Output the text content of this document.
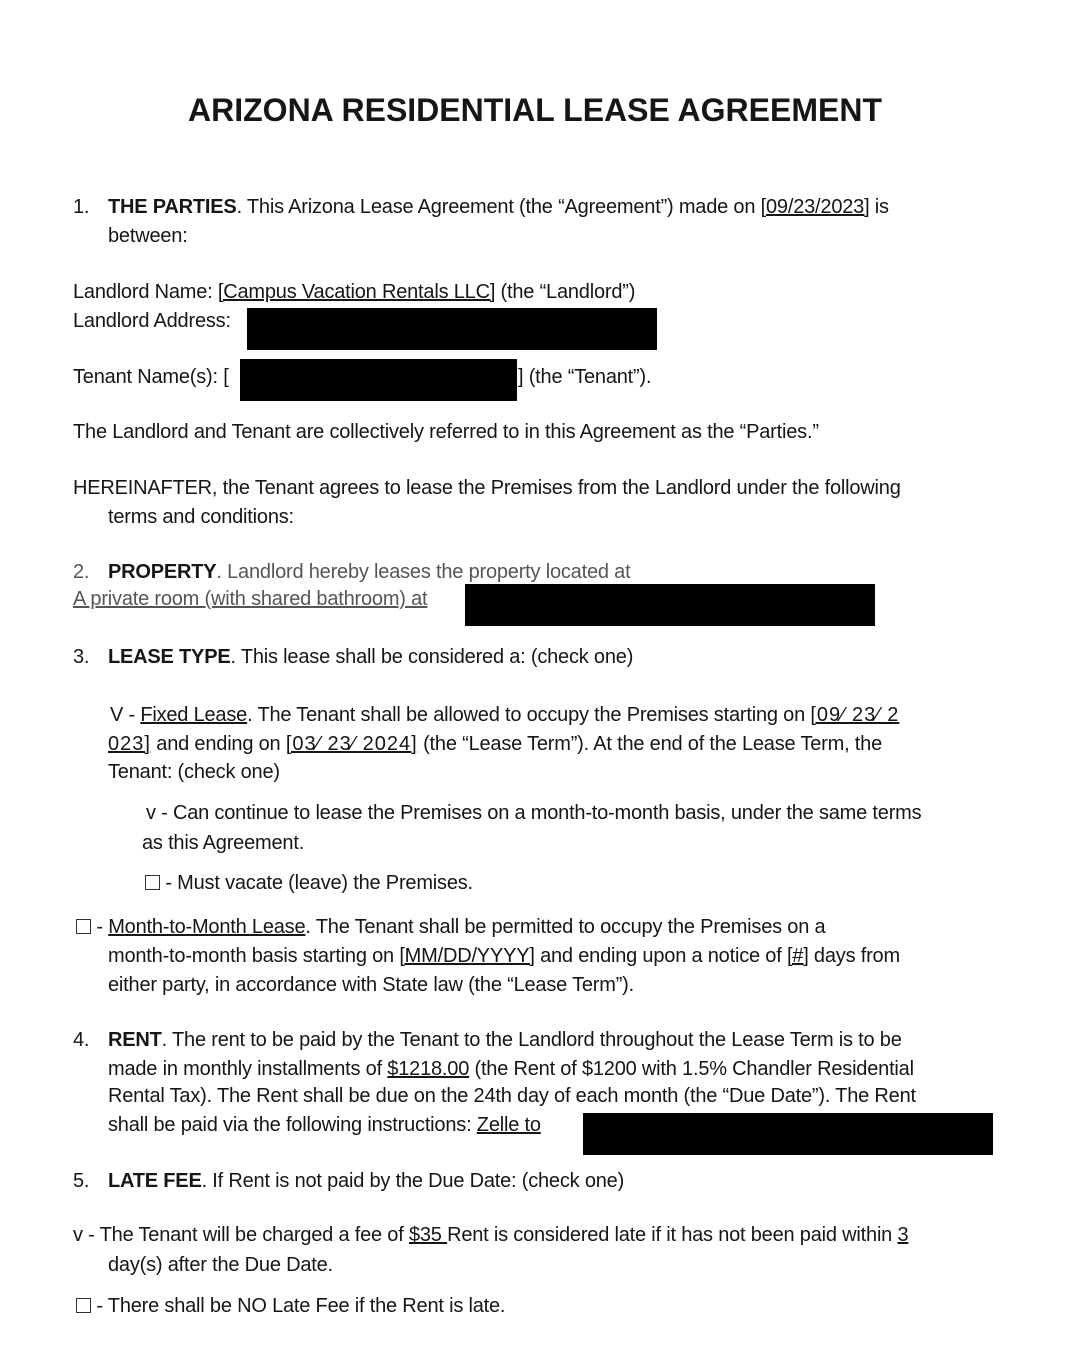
ARIZONA RESIDENTIAL LEASE AGREEMENT
1. THE PARTIES. This Arizona Lease Agreement (the “Agreement”) made on [09/23/2023] is
between:
Landlord Name: [Campus Vacation Rentals LLC] (the “Landlord”)
Landlord Address:
Tenant Name(s): [	] (the “Tenant”).
The Landlord and Tenant are collectively referred to in this Agreement as the “Parties.”
HEREINAFTER, the Tenant agrees to lease the Premises from the Landlord under the following
terms and conditions:
2. PROPERTY. Landlord hereby leases the property located at
A private room (with shared bathroom) at
3. LEASE TYPE. This lease shall be considered a: (check one)
V - Fixed Lease. The Tenant shall be allowed to occupy the Premises starting on [09⁄ 23⁄ 2
023] and ending on [03⁄ 23⁄ 2024] (the “Lease Term”). At the end of the Lease Term, the
Tenant: (check one)
v - Can continue to lease the Premises on a month-to-month basis, under the same terms
as this Agreement.
- Must vacate (leave) the Premises.
- Month-to-Month Lease. The Tenant shall be permitted to occupy the Premises on a
month-to-month basis starting on [MM/DD/YYYY] and ending upon a notice of [#] days from
either party, in accordance with State law (the “Lease Term”).
4. RENT. The rent to be paid by the Tenant to the Landlord throughout the Lease Term is to be
made in monthly installments of $1218.00 (the Rent of $1200 with 1.5% Chandler Residential
Rental Tax). The Rent shall be due on the 24th day of each month (the “Due Date”). The Rent
shall be paid via the following instructions: Zelle to
5. LATE FEE. If Rent is not paid by the Due Date: (check one)
v - The Tenant will be charged a fee of $35 Rent is considered late if it has not been paid within 3
day(s) after the Due Date.
- There shall be NO Late Fee if the Rent is late.
